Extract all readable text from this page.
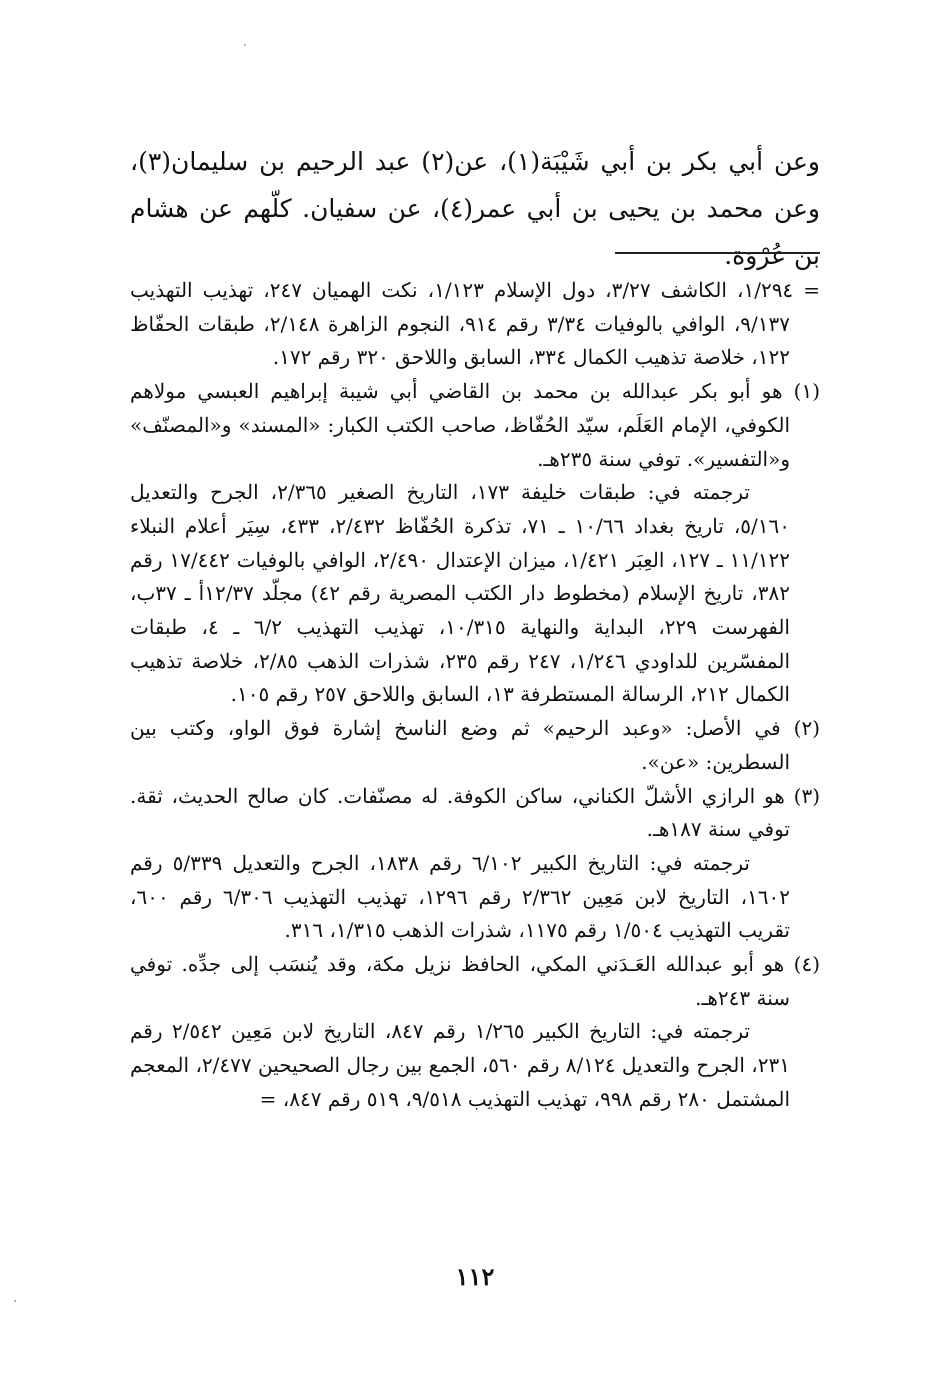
وعن أبي بكر بن أبي شَيْبَة(١)، عن(٢) عبد الرحيم بن سليمان(٣)، وعن محمد بن يحيى بن أبي عمر(٤)، عن سفيان. كلّهم عن هشام بن عُرْوَة.

= ١/٢٩٤، الكاشف ٣/٢٧، دول الإسلام ١/١٢٣، نكت الهميان ٢٤٧، تهذيب التهذيب ٩/١٣٧، الوافي بالوفيات ٣/٣٤ رقم ٩١٤، النجوم الزاهرة ٢/١٤٨، طبقات الحفّاظ ١٢٢، خلاصة تذهيب الكمال ٣٣٤، السابق واللاحق ٣٢٠ رقم ١٧٢.

(١) هو أبو بكر عبدالله بن محمد بن القاضي أبي شيبة إبراهيم العبسي مولاهم الكوفي، الإمام العَلَم، سيّد الحُفّاظ، صاحب الكتب الكبار: «المسند» و«المصنّف» و«التفسير». توفي سنة ٢٣٥هـ.

ترجمته في: طبقات خليفة ١٧٣، التاريخ الصغير ٢/٣٦٥، الجرح والتعديل ٥/١٦٠، تاريخ بغداد ١٠/٦٦ ـ ٧١، تذكرة الحُفّاظ ٢/٤٣٢، ٤٣٣، سِيَر أعلام النبلاء ١١/١٢٢ ـ ١٢٧، العِبَر ١/٤٢١، ميزان الإعتدال ٢/٤٩٠، الوافي بالوفيات ١٧/٤٤٢ رقم ٣٨٢، تاريخ الإسلام (مخطوط دار الكتب المصرية رقم ٤٢) مجلّد ١٢/٣٧أ ـ ٣٧ب، الفهرست ٢٢٩، البداية والنهاية ١٠/٣١٥، تهذيب التهذيب ٦/٢ ـ ٤، طبقات المفسّرين للداودي ١/٢٤٦، ٢٤٧ رقم ٢٣٥، شذرات الذهب ٢/٨٥، خلاصة تذهيب الكمال ٢١٢، الرسالة المستطرفة ١٣، السابق واللاحق ٢٥٧ رقم ١٠٥.

(٢) في الأصل: «وعبد الرحيم» ثم وضع الناسخ إشارة فوق الواو، وكتب بين السطرين: «عن».

(٣) هو الرازي الأشلّ الكناني، ساكن الكوفة. له مصنّفات. كان صالح الحديث، ثقة. توفي سنة ١٨٧هـ.

ترجمته في: التاريخ الكبير ٦/١٠٢ رقم ١٨٣٨، الجرح والتعديل ٥/٣٣٩ رقم ١٦٠٢، التاريخ لابن مَعِين ٢/٣٦٢ رقم ١٢٩٦، تهذيب التهذيب ٦/٣٠٦ رقم ٦٠٠، تقريب التهذيب ١/٥٠٤ رقم ١١٧٥، شذرات الذهب ١/٣١٥، ٣١٦.

(٤) هو أبو عبدالله العَـدَني المكي، الحافظ نزيل مكة، وقد يُنسَب إلى جدِّه. توفي سنة ٢٤٣هـ.

ترجمته في: التاريخ الكبير ١/٢٦٥ رقم ٨٤٧، التاريخ لابن مَعِين ٢/٥٤٢ رقم ٢٣١، الجرح والتعديل ٨/١٢٤ رقم ٥٦٠، الجمع بين رجال الصحيحين ٢/٤٧٧، المعجم المشتمل ٢٨٠ رقم ٩٩٨، تهذيب التهذيب ٩/٥١٨، ٥١٩ رقم ٨٤٧، =

١١٢
